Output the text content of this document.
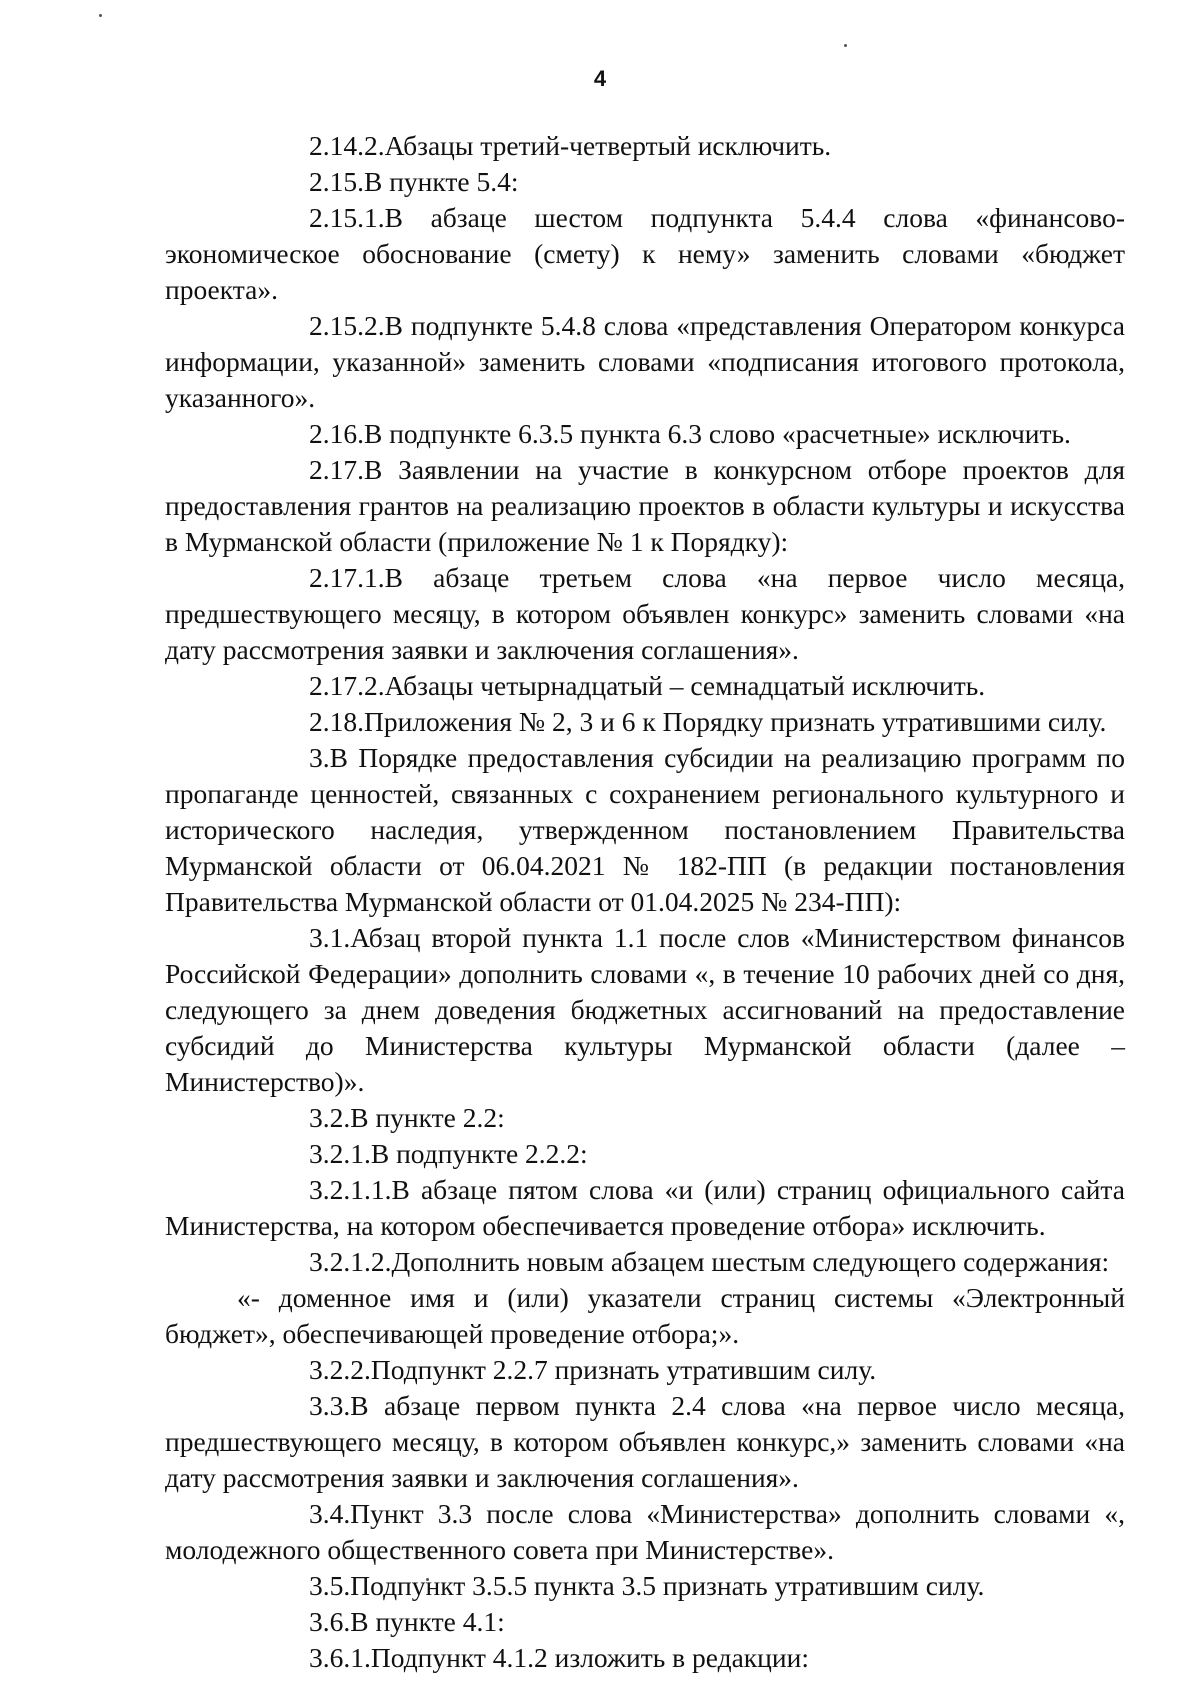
4

2.14.2.Абзацы третий-четвертый исключить.

2.15.В пункте 5.4:

2.15.1.В абзаце шестом подпункта 5.4.4 слова «финансово-экономическое обоснование (смету) к нему» заменить словами «бюджет проекта».

2.15.2.В подпункте 5.4.8 слова «представления Оператором конкурса информации, указанной» заменить словами «подписания итогового протокола, указанного».

2.16.В подпункте 6.3.5 пункта 6.3 слово «расчетные» исключить.

2.17.В Заявлении на участие в конкурсном отборе проектов для предоставления грантов на реализацию проектов в области культуры и искусства в Мурманской области (приложение № 1 к Порядку):

2.17.1.В абзаце третьем слова «на первое число месяца, предшествующего месяцу, в котором объявлен конкурс» заменить словами «на дату рассмотрения заявки и заключения соглашения».

2.17.2.Абзацы четырнадцатый – семнадцатый исключить.

2.18.Приложения № 2, 3 и 6 к Порядку признать утратившими силу.

3.В Порядке предоставления субсидии на реализацию программ по пропаганде ценностей, связанных с сохранением регионального культурного и исторического наследия, утвержденном постановлением Правительства Мурманской области от 06.04.2021 № 182-ПП (в редакции постановления Правительства Мурманской области от 01.04.2025 № 234-ПП):

3.1.Абзац второй пункта 1.1 после слов «Министерством финансов Российской Федерации» дополнить словами «, в течение 10 рабочих дней со дня, следующего за днем доведения бюджетных ассигнований на предоставление субсидий до Министерства культуры Мурманской области (далее – Министерство)».

3.2.В пункте 2.2:

3.2.1.В подпункте 2.2.2:

3.2.1.1.В абзаце пятом слова «и (или) страниц официального сайта Министерства, на котором обеспечивается проведение отбора» исключить.

3.2.1.2.Дополнить новым абзацем шестым следующего содержания:

«- доменное имя и (или) указатели страниц системы «Электронный бюджет», обеспечивающей проведение отбора;».

3.2.2.Подпункт 2.2.7 признать утратившим силу.

3.3.В абзаце первом пункта 2.4 слова «на первое число месяца, предшествующего месяцу, в котором объявлен конкурс,» заменить словами «на дату рассмотрения заявки и заключения соглашения».

3.4.Пункт 3.3 после слова «Министерства» дополнить словами «, молодежного общественного совета при Министерстве».

3.5.Подпункт 3.5.5 пункта 3.5 признать утратившим силу.

3.6.В пункте 4.1:

3.6.1.Подпункт 4.1.2 изложить в редакции:
